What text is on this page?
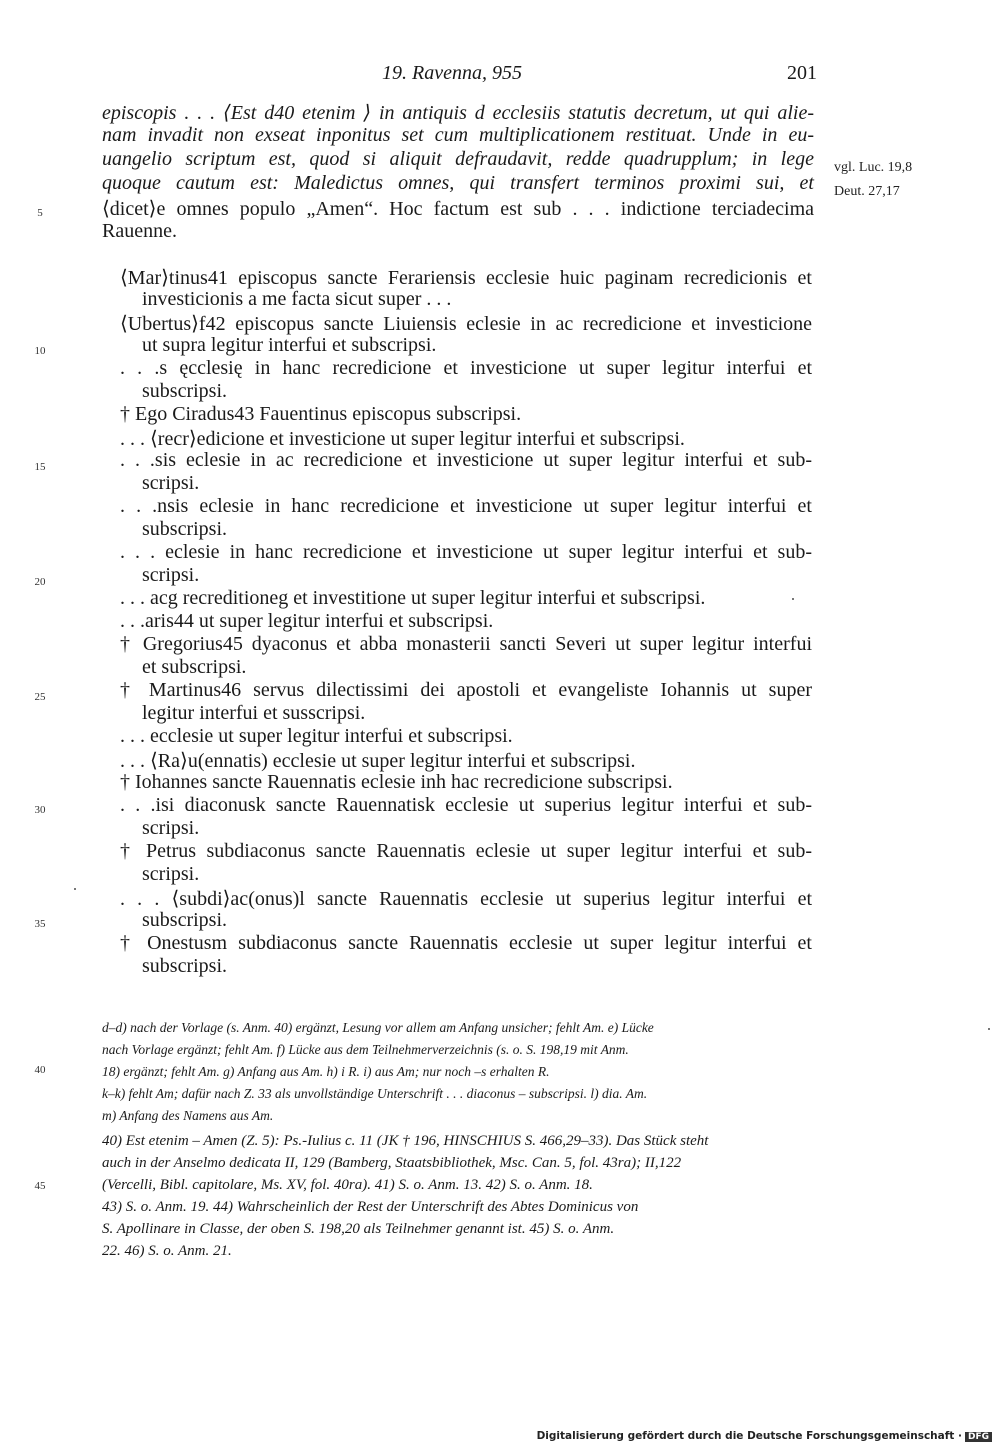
19. Ravenna, 955	201
vgl. Luc. 19,8
Deut. 27,17
5
10
15
20
25
30
35
40
45
episcopis . . . ⟨Est d40 etenim ⟩ in antiquis d ecclesiis statutis decretum, ut qui alie-
nam invadit non exseat inponitus set cum multiplicationem restituat. Unde in eu-
uangelio scriptum est, quod si aliquit defraudavit, redde quadrupplum; in lege
quoque cautum est: Maledictus omnes, qui transfert terminos proximi sui, et
⟨dicet⟩e omnes populo „Amen“. Hoc factum est sub . . . indictione terciadecima
Rauenne.
⟨Mar⟩tinus41 episcopus sancte Ferariensis ecclesie huic paginam recredicionis et
investicionis a me facta sicut super . . .
⟨Ubertus⟩f42 episcopus sancte Liuiensis eclesie in ac recredicione et investicione
ut supra legitur interfui et subscripsi.
. . .s ęcclesię in hanc recredicione et investicione ut super legitur interfui et
subscripsi.
† Ego Ciradus43 Fauentinus episcopus subscripsi.
. . . ⟨recr⟩edicione et investicione ut super legitur interfui et subscripsi.
. . .sis eclesie in ac recredicione et investicione ut super legitur interfui et sub-
scripsi.
. . .nsis eclesie in hanc recredicione et investicione ut super legitur interfui et
subscripsi.
. . . eclesie in hanc recredicione et investicione ut super legitur interfui et sub-
scripsi.
. . . acg recreditioneg et investitione ut super legitur interfui et subscripsi.
. . .aris44 ut super legitur interfui et subscripsi.
† Gregorius45 dyaconus et abba monasterii sancti Severi ut super legitur interfui
et subscripsi.
† Martinus46 servus dilectissimi dei apostoli et evangeliste Iohannis ut super
legitur interfui et susscripsi.
. . . ecclesie ut super legitur interfui et subscripsi.
. . . ⟨Ra⟩u(ennatis) ecclesie ut super legitur interfui et subscripsi.
† Iohannes sancte Rauennatis eclesie inh hac recredicione subscripsi.
. . .isi diaconusk sancte Rauennatisk ecclesie ut superius legitur interfui et sub-
scripsi.
† Petrus subdiaconus sancte Rauennatis eclesie ut super legitur interfui et sub-
scripsi.
. . . ⟨subdi⟩ac(onus)l sancte Rauennatis ecclesie ut superius legitur interfui et
subscripsi.
† Onestusm subdiaconus sancte Rauennatis ecclesie ut super legitur interfui et
subscripsi.
d–d) nach der Vorlage (s. Anm. 40) ergänzt, Lesung vor allem am Anfang unsicher; fehlt Am. e) Lücke
nach Vorlage ergänzt; fehlt Am. f) Lücke aus dem Teilnehmerverzeichnis (s. o. S. 198,19 mit Anm.
18) ergänzt; fehlt Am. g) Anfang aus Am. h) i R. i) aus Am; nur noch –s erhalten R.
k–k) fehlt Am; dafür nach Z. 33 als unvollständige Unterschrift . . . diaconus – subscripsi. l) dia. Am.
m) Anfang des Namens aus Am.
40) Est etenim – Amen (Z. 5): Ps.-Iulius c. 11 (JK † 196, HINSCHIUS S. 466,29–33). Das Stück steht
auch in der Anselmo dedicata II, 129 (Bamberg, Staatsbibliothek, Msc. Can. 5, fol. 43ra); II,122
(Vercelli, Bibl. capitolare, Ms. XV, fol. 40ra). 41) S. o. Anm. 13. 42) S. o. Anm. 18.
43) S. o. Anm. 19. 44) Wahrscheinlich der Rest der Unterschrift des Abtes Dominicus von
S. Apollinare in Classe, der oben S. 198,20 als Teilnehmer genannt ist. 45) S. o. Anm.
22. 46) S. o. Anm. 21.
Digitalisierung gefördert durch die Deutsche Forschungsgemeinschaft · DFG
